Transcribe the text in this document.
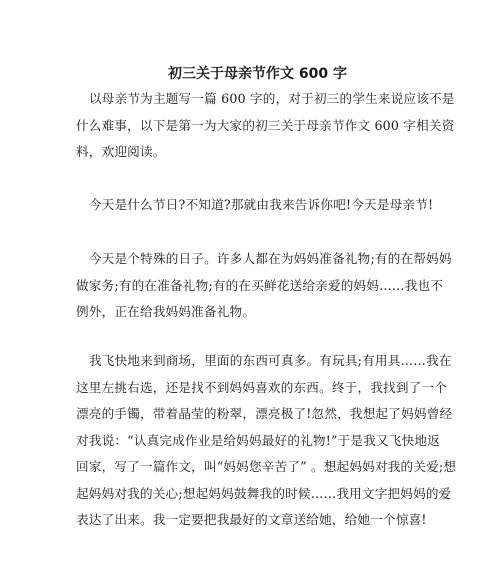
初三关于母亲节作文 600 字

以母亲节为主题写一篇 600 字的，对于初三的学生来说应该不是
什么难事，以下是第一为大家的初三关于母亲节作文 600 字相关资
料，欢迎阅读。

今天是什么节日?不知道?那就由我来告诉你吧!今天是母亲节!

今天是个特殊的日子。许多人都在为妈妈准备礼物;有的在帮妈妈
做家务;有的在准备礼物;有的在买鲜花送给亲爱的妈妈……我也不
例外，正在给我妈妈准备礼物。

我飞快地来到商场，里面的东西可真多。有玩具;有用具……我在
这里左挑右选，还是找不到妈妈喜欢的东西。终于，我找到了一个
漂亮的手镯，带着晶莹的粉翠，漂亮极了!忽然，我想起了妈妈曾经
对我说：“认真完成作业是给妈妈最好的礼物!”于是我又飞快地返
回家，写了一篇作文，叫“妈妈您辛苦了” 。想起妈妈对我的关爱;想
起妈妈对我的关心;想起妈妈鼓舞我的时候……我用文字把妈妈的爱
表达了出来。我一定要把我最好的文章送给她，给她一个惊喜!
